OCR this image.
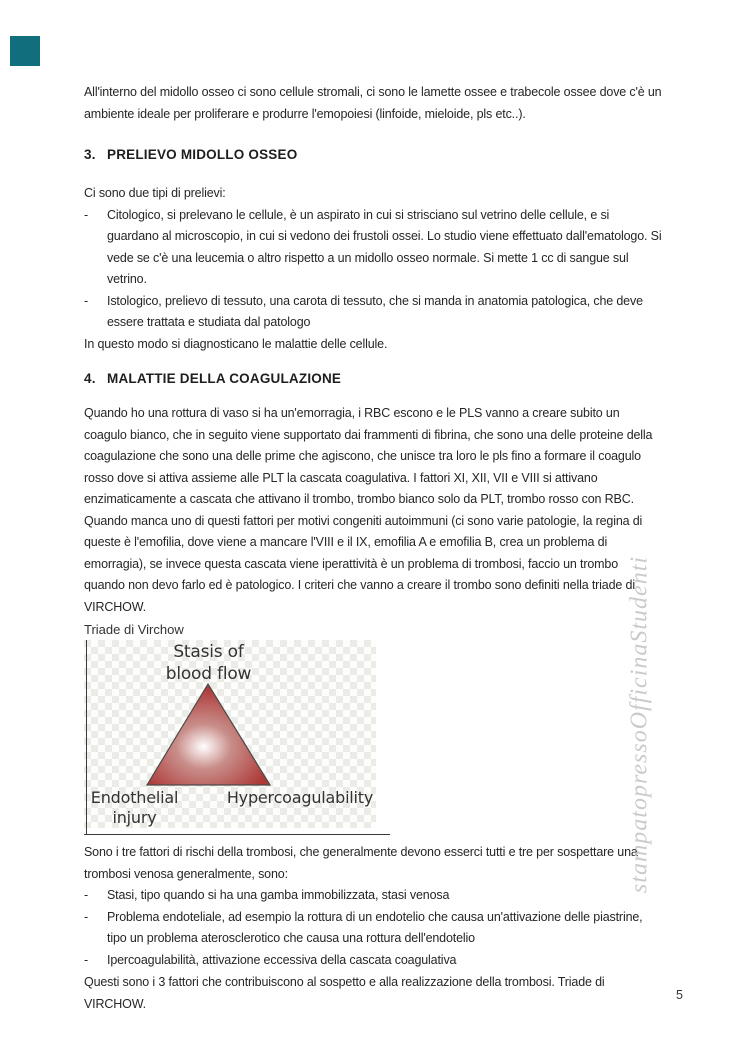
All'interno del midollo osseo ci sono cellule stromali, ci sono le lamette ossee e trabecole ossee dove c'è un ambiente ideale per proliferare e produrre l'emopoiesi (linfoide, mieloide, pls etc..).

3. PRELIEVO MIDOLLO OSSEO

Ci sono due tipi di prelievi:

-	Citologico, si prelevano le cellule, è un aspirato in cui si strisciano sul vetrino delle cellule, e si guardano al microscopio, in cui si vedono dei frustoli ossei. Lo studio viene effettuato dall'ematologo. Si vede se c'è una leucemia o altro rispetto a un midollo osseo normale. Si mette 1 cc di sangue sul vetrino.
-	Istologico, prelievo di tessuto, una carota di tessuto, che si manda in anatomia patologica, che deve essere trattata e studiata dal patologo

In questo modo si diagnosticano le malattie delle cellule.

4. MALATTIE DELLA COAGULAZIONE

Quando ho una rottura di vaso si ha un'emorragia, i RBC escono e le PLS vanno a creare subito un coagulo bianco, che in seguito viene supportato dai frammenti di fibrina, che sono una delle proteine della coagulazione che sono una delle prime che agiscono, che unisce tra loro le pls fino a formare il coagulo rosso dove si attiva assieme alle PLT la cascata coagulativa. I fattori XI, XII, VII e VIII si attivano enzimaticamente a cascata che attivano il trombo, trombo bianco solo da PLT, trombo rosso con RBC. Quando manca uno di questi fattori per motivi congeniti autoimmuni (ci sono varie patologie, la regina di queste è l'emofilia, dove viene a mancare l'VIII e il IX, emofilia A e emofilia B, crea un problema di emorragia), se invece questa cascata viene iperattività è un problema di trombosi, faccio un trombo quando non devo farlo ed è patologico. I criteri che vanno a creare il trombo sono definiti nella triade di VIRCHOW.

Triade di Virchow

Stasis of blood flow
Endothelial injury
Hypercoagulability

Sono i tre fattori di rischi della trombosi, che generalmente devono esserci tutti e tre per sospettare una trombosi venosa generalmente, sono:

-	Stasi, tipo quando si ha una gamba immobilizzata, stasi venosa
-	Problema endoteliale, ad esempio la rottura di un endotelio che causa un'attivazione delle piastrine, tipo un problema aterosclerotico che causa una rottura dell'endotelio
-	Ipercoagulabilità, attivazione eccessiva della cascata coagulativa

Questi sono i 3 fattori che contribuiscono al sospetto e alla realizzazione della trombosi. Triade di VIRCHOW.

stampatopressoOfficinaStudenti
5
